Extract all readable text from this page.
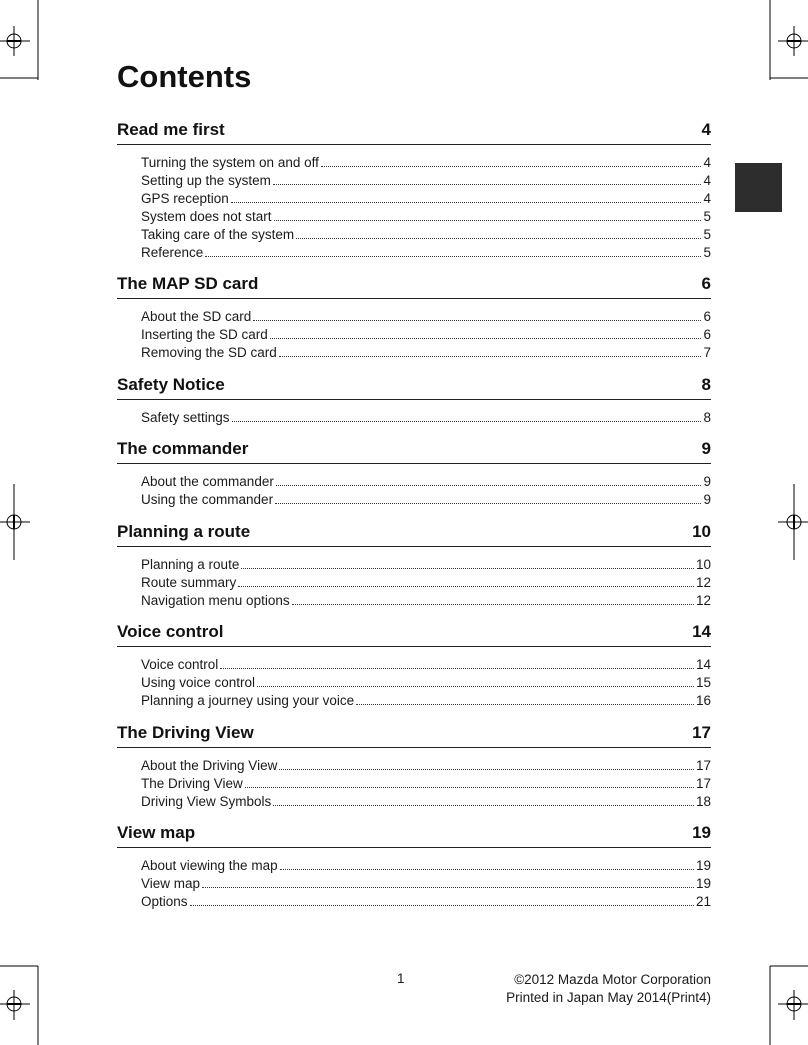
Contents
Read me first	4
Turning the system on and off	4
Setting up the system	4
GPS reception	4
System does not start	5
Taking care of the system	5
Reference	5
The MAP SD card	6
About the SD card	6
Inserting the SD card	6
Removing the SD card	7
Safety Notice	8
Safety settings	8
The commander	9
About the commander	9
Using the commander	9
Planning a route	10
Planning a route	10
Route summary	12
Navigation menu options	12
Voice control	14
Voice control	14
Using voice control	15
Planning a journey using your voice	16
The Driving View	17
About the Driving View	17
The Driving View	17
Driving View Symbols	18
View map	19
About viewing the map	19
View map	19
Options	21
1	©2012 Mazda Motor Corporation
Printed in Japan May 2014(Print4)
